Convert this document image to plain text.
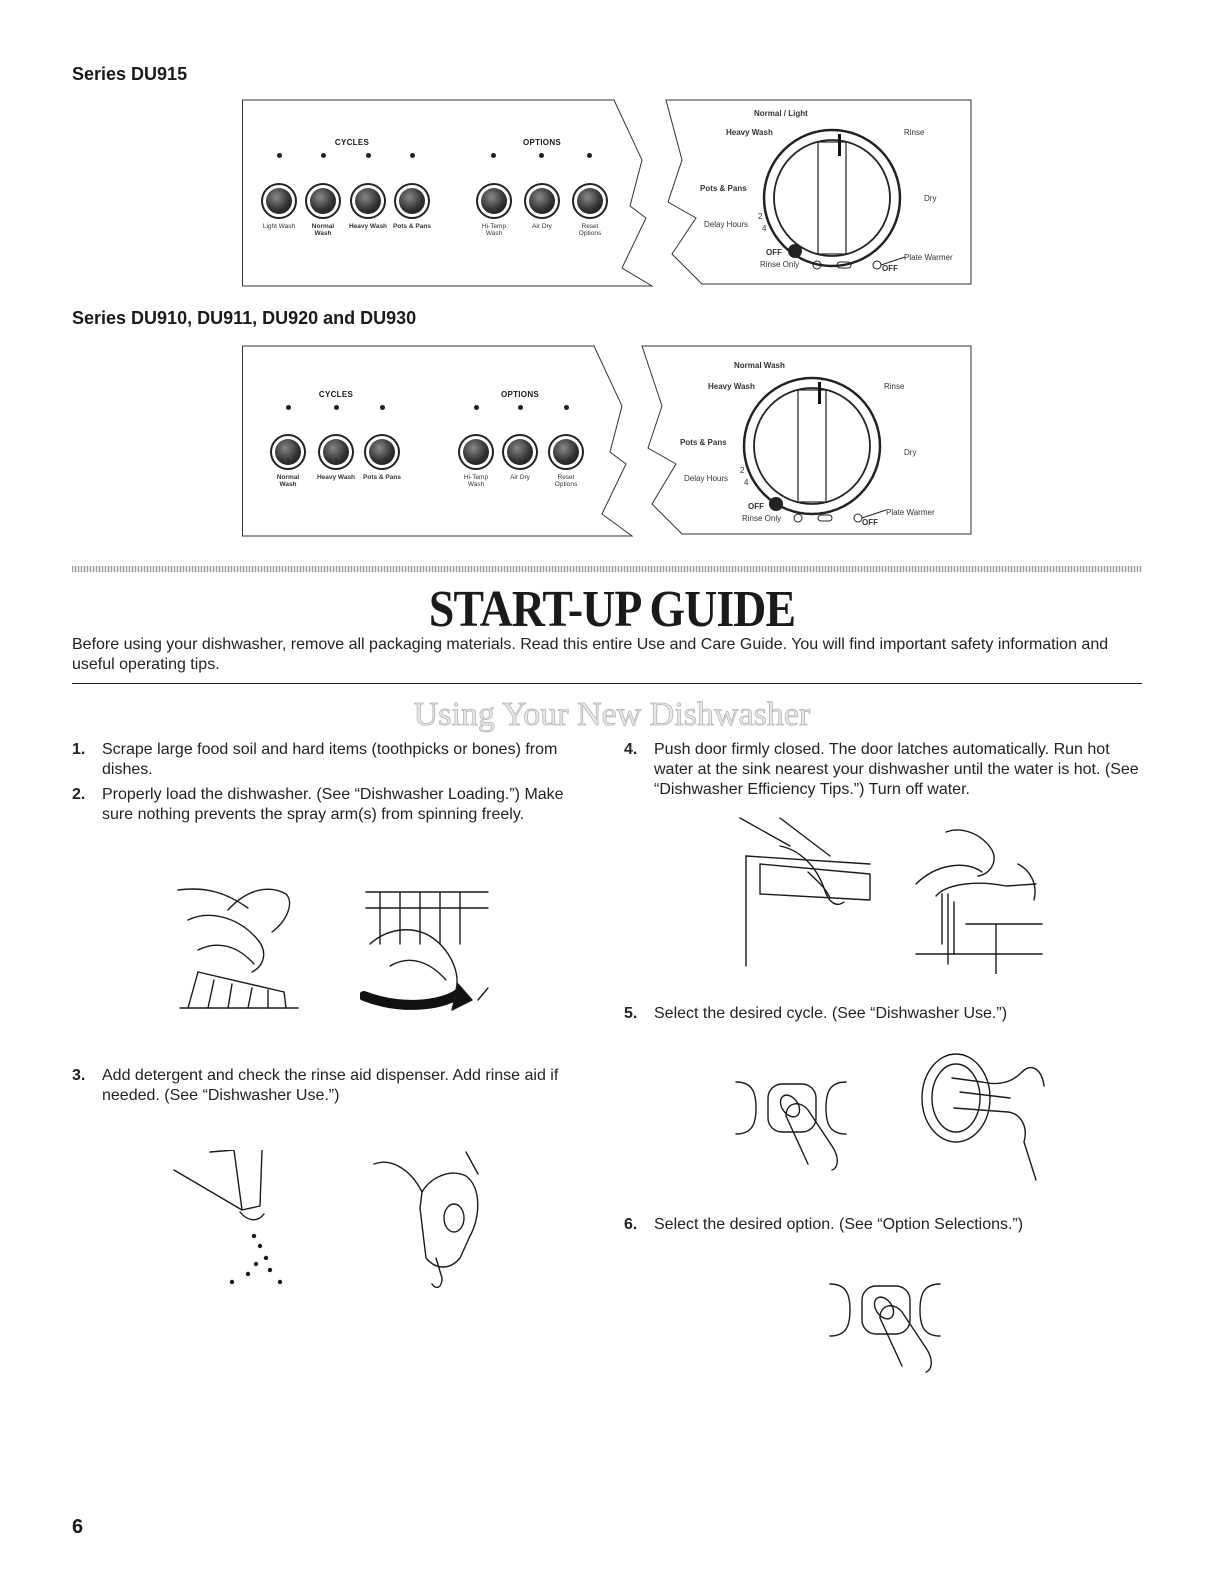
Series DU915
CYCLES	OPTIONS
Light Wash	Normal Wash
Heavy Wash Pots & Pans	Hi-Temp Wash
Air Dry	Reset Options
Normal / Light
Heavy Wash
Pots & Pans
Delay Hours
2
4
OFF
Rinse Only
Rinse
Dry
Plate Warmer
OFF
Series DU910, DU911, DU920 and DU930
CYCLES	OPTIONS
Normal Wash
Heavy Wash Pots & Pans	Hi-Temp Wash
Air Dry	Reset Options
Normal Wash
Heavy Wash
Pots & Pans
Delay Hours
2
4
OFF
Rinse Only
Rinse
Dry
Plate Warmer
OFF
START-UP GUIDE
Before using your dishwasher, remove all packaging materials. Read this entire Use and Care Guide. You will find important safety information and useful operating tips.
Using Your New Dishwasher
1. Scrape large food soil and hard items (toothpicks or bones) from dishes.
2. Properly load the dishwasher. (See “Dishwasher Loading.”) Make sure nothing prevents the spray arm(s) from spinning freely.
3. Add detergent and check the rinse aid dispenser. Add rinse aid if needed. (See “Dishwasher Use.”)
4. Push door firmly closed. The door latches automatically. Run hot water at the sink nearest your dishwasher until the water is hot. (See “Dishwasher Efficiency Tips.”) Turn off water.
5. Select the desired cycle. (See “Dishwasher Use.”)
6. Select the desired option. (See “Option Selections.”)
6
